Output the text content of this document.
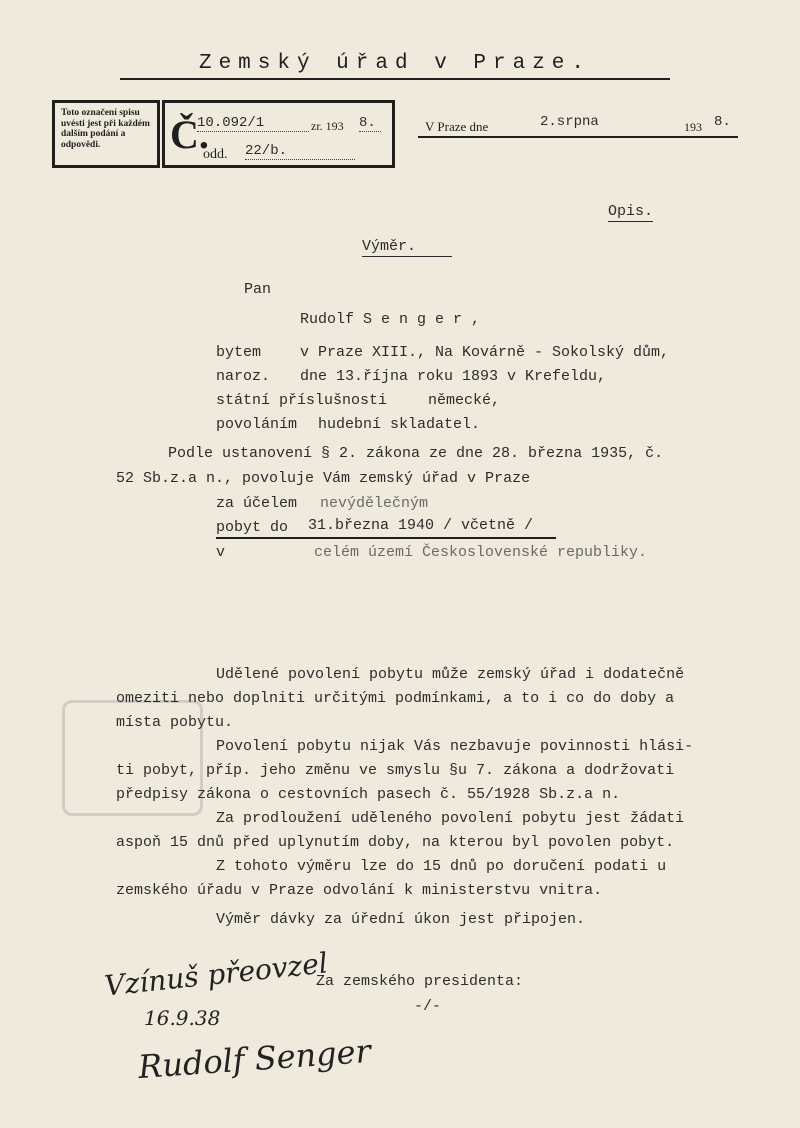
Zemský úřad v Praze.
Toto označení spisu uvésti jest při každém dalším podání a odpovědi.	Č.
10.092/1	zr. 193 8.
odd. 22/b.
V Praze dne	2.srpna	193 8.
Opis.
Výměr.
Pan
Rudolf S e n g e r ,
bytem	v Praze XIII., Na Kovárně - Sokolský dům,
naroz. dne 13.října roku 1893 v Krefeldu,
státní příslušnosti	německé,
povoláním hudební skladatel.
Podle ustanovení § 2. zákona ze dne 28. března 1935, č.
52 Sb.z.a n., povoluje Vám zemský úřad v Praze
za účelem nevýdělečným
pobyt do 31.března 1940 / včetně /
v	celém území Československé republiky.
Udělené povolení pobytu může zemský úřad i dodatečně
omeziti nebo doplniti určitými podmínkami, a to i co do doby a
místa pobytu.
Povolení pobytu nijak Vás nezbavuje povinnosti hlási-
ti pobyt, příp. jeho změnu ve smyslu §u 7. zákona a dodržovati
předpisy zákona o cestovních pasech č. 55/1928 Sb.z.a n.
Za prodloužení uděleného povolení pobytu jest žádati
aspoň 15 dnů před uplynutím doby, na kterou byl povolen pobyt.
Z tohoto výměru lze do 15 dnů po doručení podati u
zemského úřadu v Praze odvolání k ministerstvu vnitra.
Výměr dávky za úřední úkon jest připojen.
Za zemského presidenta:
-/-
Vzínuš přeovzel
16.9.38
Rudolf Senger
